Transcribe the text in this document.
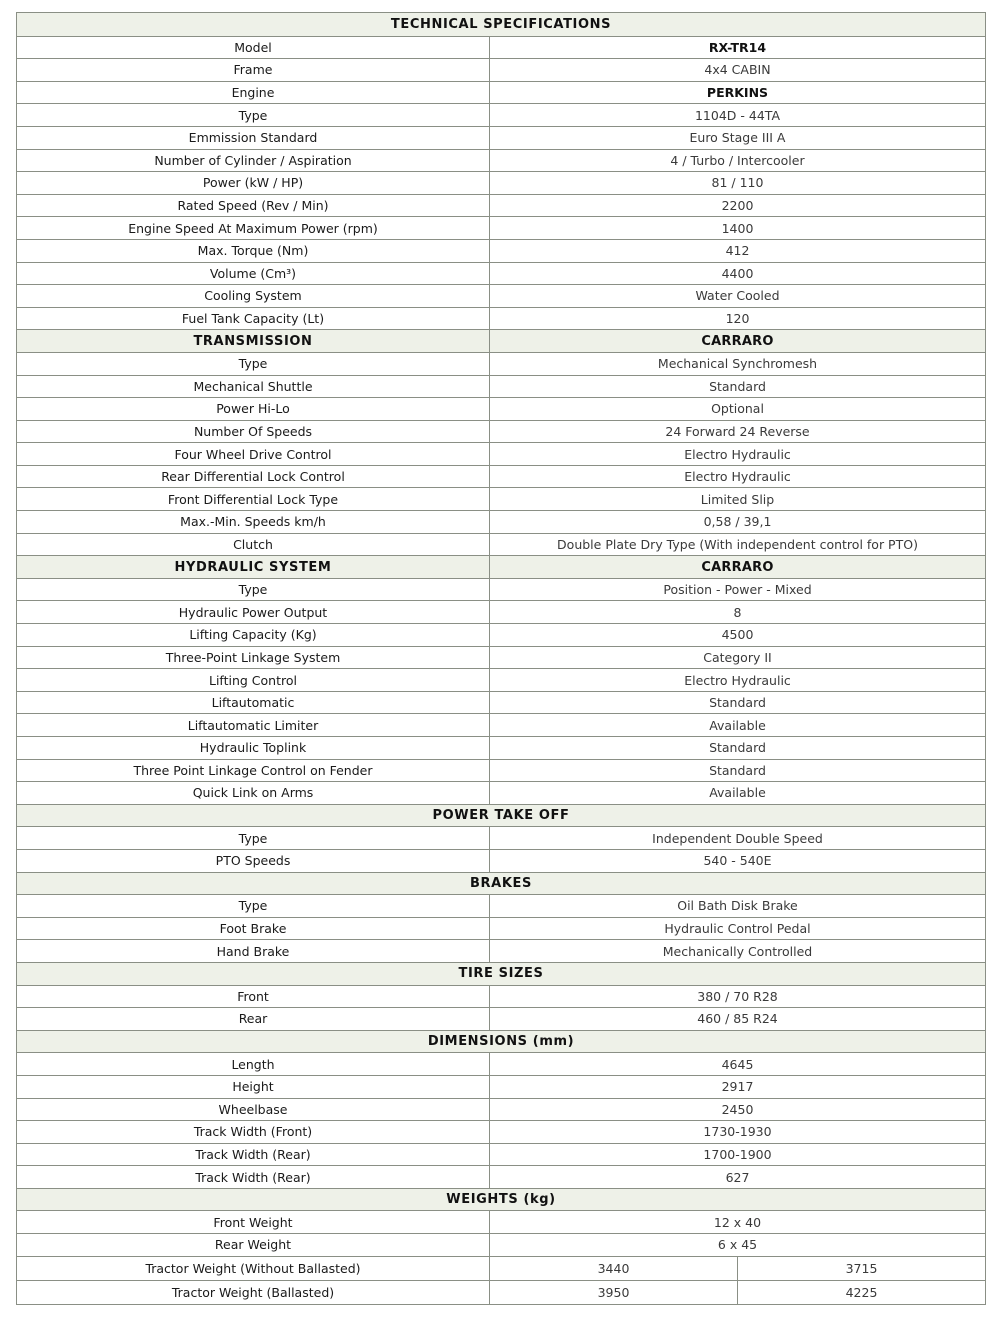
TECHNICAL SPECIFICATIONS
Model	RX-TR14
Frame	4x4 CABIN
Engine	PERKINS
Type	1104D - 44TA
Emmission Standard	Euro Stage III A
Number of Cylinder / Aspiration	4 / Turbo / Intercooler
Power (kW / HP)	81 / 110
Rated Speed (Rev / Min)	2200
Engine Speed At Maximum Power (rpm)	1400
Max. Torque (Nm)	412
Volume (Cm³)	4400
Cooling System	Water Cooled
Fuel Tank Capacity (Lt)	120
TRANSMISSION	CARRARO
Type	Mechanical Synchromesh
Mechanical Shuttle	Standard
Power Hi-Lo	Optional
Number Of Speeds	24 Forward 24 Reverse
Four Wheel Drive Control	Electro Hydraulic
Rear Differential Lock Control	Electro Hydraulic
Front Differential Lock Type	Limited Slip
Max.-Min. Speeds km/h	0,58 / 39,1
Clutch	Double Plate Dry Type (With independent control for PTO)
HYDRAULIC SYSTEM	CARRARO
Type	Position - Power - Mixed
Hydraulic Power Output	8
Lifting Capacity (Kg)	4500
Three-Point Linkage System	Category II
Lifting Control	Electro Hydraulic
Liftautomatic	Standard
Liftautomatic Limiter	Available
Hydraulic Toplink	Standard
Three Point Linkage Control on Fender	Standard
Quick Link on Arms	Available
POWER TAKE OFF
Type	Independent Double Speed
PTO Speeds	540 - 540E
BRAKES
Type	Oil Bath Disk Brake
Foot Brake	Hydraulic Control Pedal
Hand Brake	Mechanically Controlled
TIRE SIZES
Front	380 / 70 R28
Rear	460 / 85 R24
DIMENSIONS (mm)
Length	4645
Height	2917
Wheelbase	2450
Track Width (Front)	1730-1930
Track Width (Rear)	1700-1900
Track Width (Rear)	627
WEIGHTS (kg)
Front Weight	12 x 40
Rear Weight	6 x 45
Tractor Weight (Without Ballasted)	3440	3715
Tractor Weight (Ballasted)	3950	4225
